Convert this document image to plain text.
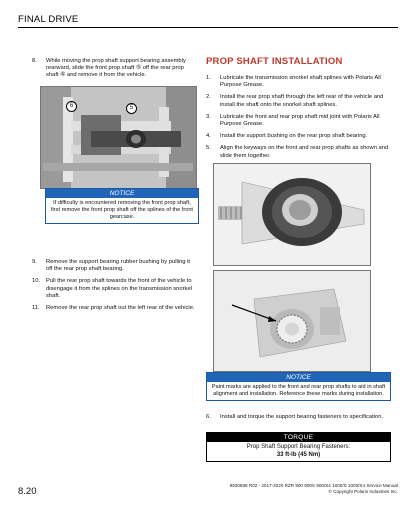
FINAL DRIVE
8. While moving the prop shaft support bearing assembly rearward, slide the front prop shaft ⑤ off the rear prop shaft ⑥ and remove it from the vehicle.
6	5
NOTICE
If difficulty is encountered removing the front prop shaft, first remove the front prop shaft off the splines of the front gearcase.
9. Remove the support bearing rubber bushing by pulling it off the rear prop shaft bearing.
10. Pull the rear prop shaft towards the front of the vehicle to disengage it from the splines on the transmission snorkel shaft.
11. Remove the rear prop shaft out the left rear of the vehicle.
PROP SHAFT INSTALLATION
1. Lubricate the transmission snorkel shaft splines with Polaris All Purpose Grease.
2. Install the rear prop shaft through the left rear of the vehicle and install the shaft onto the snorkel shaft splines.
3. Lubricate the front and rear prop shaft mid joint with Polaris All Purpose Grease.
4. Install the support bushing on the rear prop shaft bearing.
5. Align the keyways on the front and rear prop shafts as shown and slide them together.
NOTICE
Paint marks are applied to the front and rear prop shafts to aid in shaft alignment and installation. Reference these marks during installation.
6. Install and torque the support bearing fasteners to specification.
TORQUE
Prop Shaft Support Bearing Fasteners:
33 ft-lb (45 Nm)
8.20
9930588 R02 - 2017-2020 RZR 900 900S 900/S4 1000/S 1000/S4 Service Manual
© Copyright Polaris Industries Inc.
